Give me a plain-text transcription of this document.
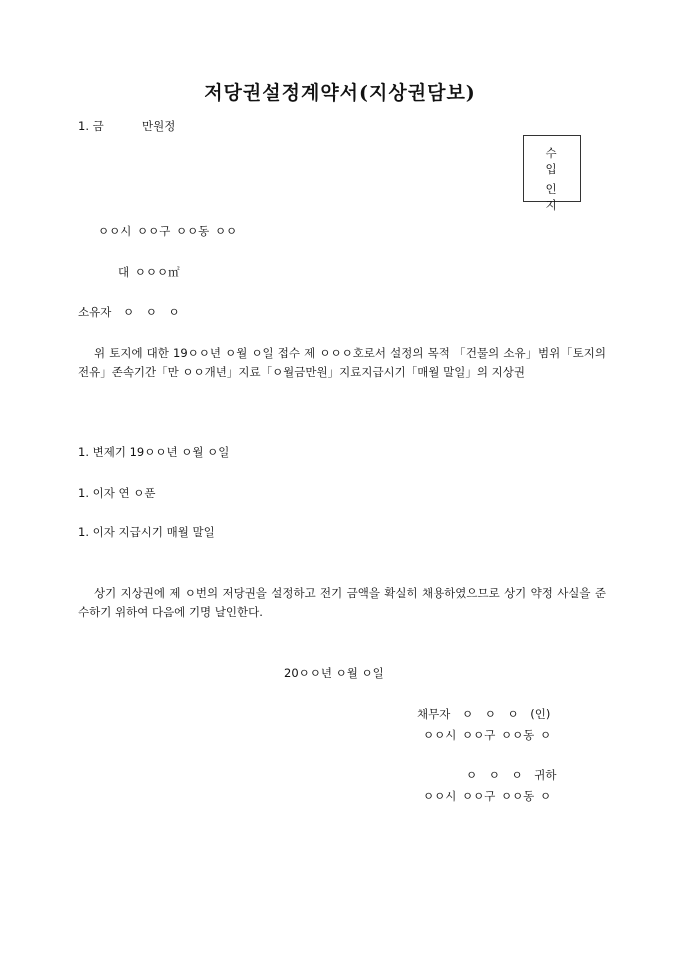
저당권설정계약서(지상권담보)
1. 금	만원정
수입
인지
ㅇㅇ시 ㅇㅇ구 ㅇㅇ동 ㅇㅇ
대 ㅇㅇㅇ㎡
소유자 ㅇ ㅇ ㅇ
위 토지에 대한 19ㅇㅇ년 ㅇ월 ㅇ일 접수 제 ㅇㅇㅇ호로서 설정의 목적 「건물의 소유」범위「토지의 전유」존속기간「만 ㅇㅇ개년」지료「ㅇ월금만원」지료지급시기「매월 말일」의 지상권
1. 변제기 19ㅇㅇ년 ㅇ월 ㅇ일
1. 이자 연 ㅇ푼
1. 이자 지급시기 매월 말일
상기 지상권에 제 ㅇ번의 저당권을 설정하고 전기 금액을 확실히 채용하였으므로 상기 약정 사실을 준수하기 위하여 다음에 기명 날인한다.
20ㅇㅇ년 ㅇ월 ㅇ일
채무자 ㅇ ㅇ ㅇ (인)
ㅇㅇ시 ㅇㅇ구 ㅇㅇ동 ㅇ
ㅇ ㅇ ㅇ 귀하
ㅇㅇ시 ㅇㅇ구 ㅇㅇ동 ㅇ
